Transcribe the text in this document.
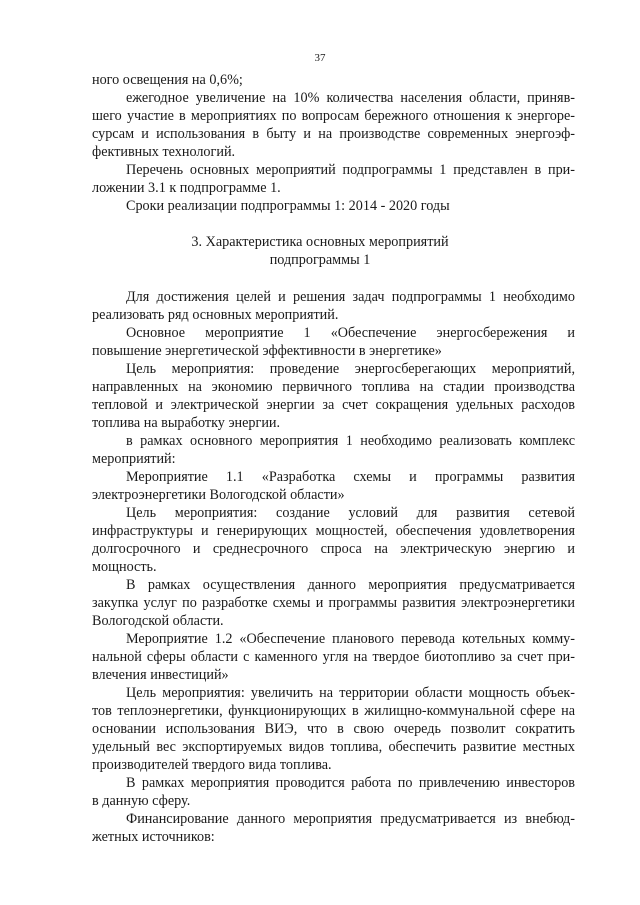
37
ного освещения на 0,6%;
ежегодное увеличение на 10% количества населения области, приняв-
шего участие в мероприятиях по вопросам бережного отношения к энергоре-
сурсам и использования в быту и на производстве современных энергоэф-
фективных технологий.
Перечень основных мероприятий подпрограммы 1 представлен в при-
ложении 3.1 к подпрограмме 1.
Сроки реализации подпрограммы 1: 2014 - 2020 годы
3. Характеристика основных мероприятий
подпрограммы 1
Для достижения целей и решения задач подпрограммы 1 необходимо
реализовать ряд основных мероприятий.
Основное мероприятие 1 «Обеспечение энергосбережения и
повышение энергетической эффективности в энергетике»
Цель мероприятия: проведение энергосберегающих мероприятий,
направленных на экономию первичного топлива на стадии производства
тепловой и электрической энергии за счет сокращения удельных расходов
топлива на выработку энергии.
в рамках основного мероприятия 1 необходимо реализовать комплекс
мероприятий:
Мероприятие 1.1 «Разработка схемы и программы развития
электроэнергетики Вологодской области»
Цель мероприятия: создание условий для развития сетевой
инфраструктуры и генерирующих мощностей, обеспечения удовлетворения
долгосрочного и среднесрочного спроса на электрическую энергию и
мощность.
В рамках осуществления данного мероприятия предусматривается
закупка услуг по разработке схемы и программы развития электроэнергетики
Вологодской области.
Мероприятие 1.2 «Обеспечение планового перевода котельных комму-
нальной сферы области с каменного угля на твердое биотопливо за счет при-
влечения инвестиций»
Цель мероприятия: увеличить на территории области мощность объек-
тов теплоэнергетики, функционирующих в жилищно-коммунальной сфере на
основании использования ВИЭ, что в свою очередь позволит сократить
удельный вес экспортируемых видов топлива, обеспечить развитие местных
производителей твердого вида топлива.
В рамках мероприятия проводится работа по привлечению инвесторов
в данную сферу.
Финансирование данного мероприятия предусматривается из внебюд-
жетных источников:
